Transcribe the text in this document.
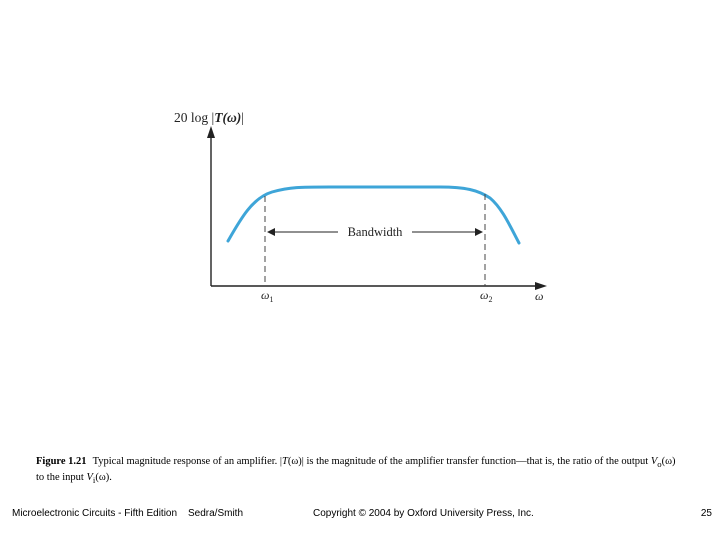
20 log |T(ω)|
ω
Bandwidth
$\omega_1$	$\omega_2$
Figure 1.21 Typical magnitude response of an amplifier. |T(ω)| is the magnitude of the amplifier transfer function—that is, the ratio of the output $V_o(\omega)$
to the input $V_i(\omega)$.
Microelectronic Circuits - Fifth Edition Sedra/Smith	Copyright © 2004 by Oxford University Press, Inc.	25
